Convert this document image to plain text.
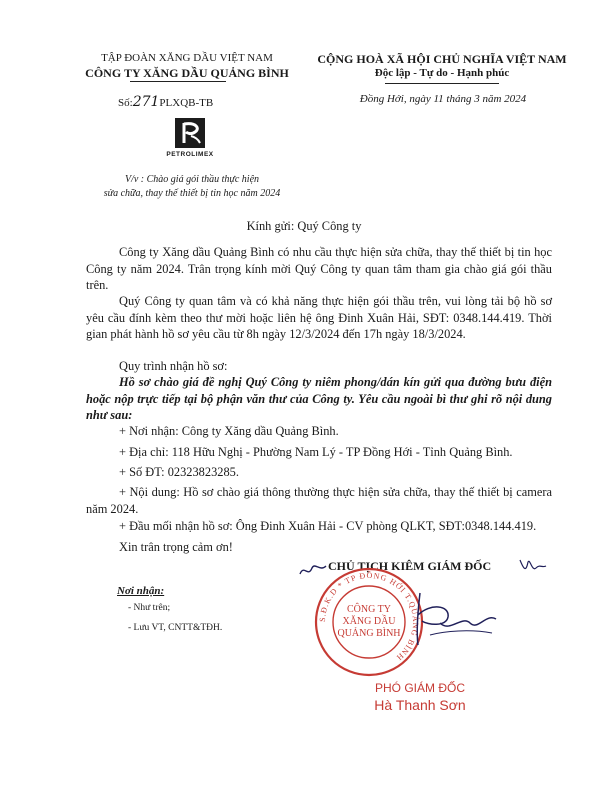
TẬP ĐOÀN XĂNG DẦU VIỆT NAM
CÔNG TY XĂNG DẦU QUẢNG BÌNH
Số:271PLXQB-TB
PETROLIMEX
V/v : Chào giá gói thầu thực hiện
sửa chữa, thay thế thiết bị tin học năm 2024
CỘNG HOÀ XÃ HỘI CHỦ NGHĨA VIỆT NAM
Độc lập - Tự do - Hạnh phúc
Đồng Hới, ngày 11 tháng 3 năm 2024
Kính gửi: Quý Công ty
Công ty Xăng dầu Quảng Bình có nhu cầu thực hiện sửa chữa, thay thế thiết bị tin học Công ty năm 2024. Trân trọng kính mời Quý Công ty quan tâm tham gia chào giá gói thầu trên.
Quý Công ty quan tâm và có khả năng thực hiện gói thầu trên, vui lòng tải bộ hồ sơ yêu cầu đính kèm theo thư mời hoặc liên hệ ông Đinh Xuân Hải, SĐT: 0348.144.419. Thời gian phát hành hồ sơ yêu cầu từ 8h ngày 12/3/2024 đến 17h ngày 18/3/2024.
Quy trình nhận hồ sơ:
Hồ sơ chào giá đề nghị Quý Công ty niêm phong/dán kín gửi qua đường bưu điện hoặc nộp trực tiếp tại bộ phận văn thư của Công ty. Yêu cầu ngoài bì thư ghi rõ nội dung như sau:
+ Nơi nhận: Công ty Xăng dầu Quảng Bình.
+ Địa chỉ: 118 Hữu Nghị - Phường Nam Lý - TP Đồng Hới - Tỉnh Quảng Bình.
+ Số ĐT: 02323823285.
+ Nội dung: Hồ sơ chào giá thông thường thực hiện sửa chữa, thay thế thiết bị camera năm 2024.
+ Đầu mối nhận hồ sơ: Ông Đinh Xuân Hải - CV phòng QLKT, SĐT:0348.144.419.
Xin trân trọng cảm ơn!
Nơi nhận:
- Như trên;
- Lưu VT, CNTT&TĐH.
CHỦ TỊCH KIÊM GIÁM ĐỐC
S.Đ.K.D * TP ĐỒNG HỚI T.QUẢNG BÌNH
CÔNG TY
XĂNG DẦU
QUẢNG BÌNH
PHÓ GIÁM ĐỐC
Hà Thanh Sơn
